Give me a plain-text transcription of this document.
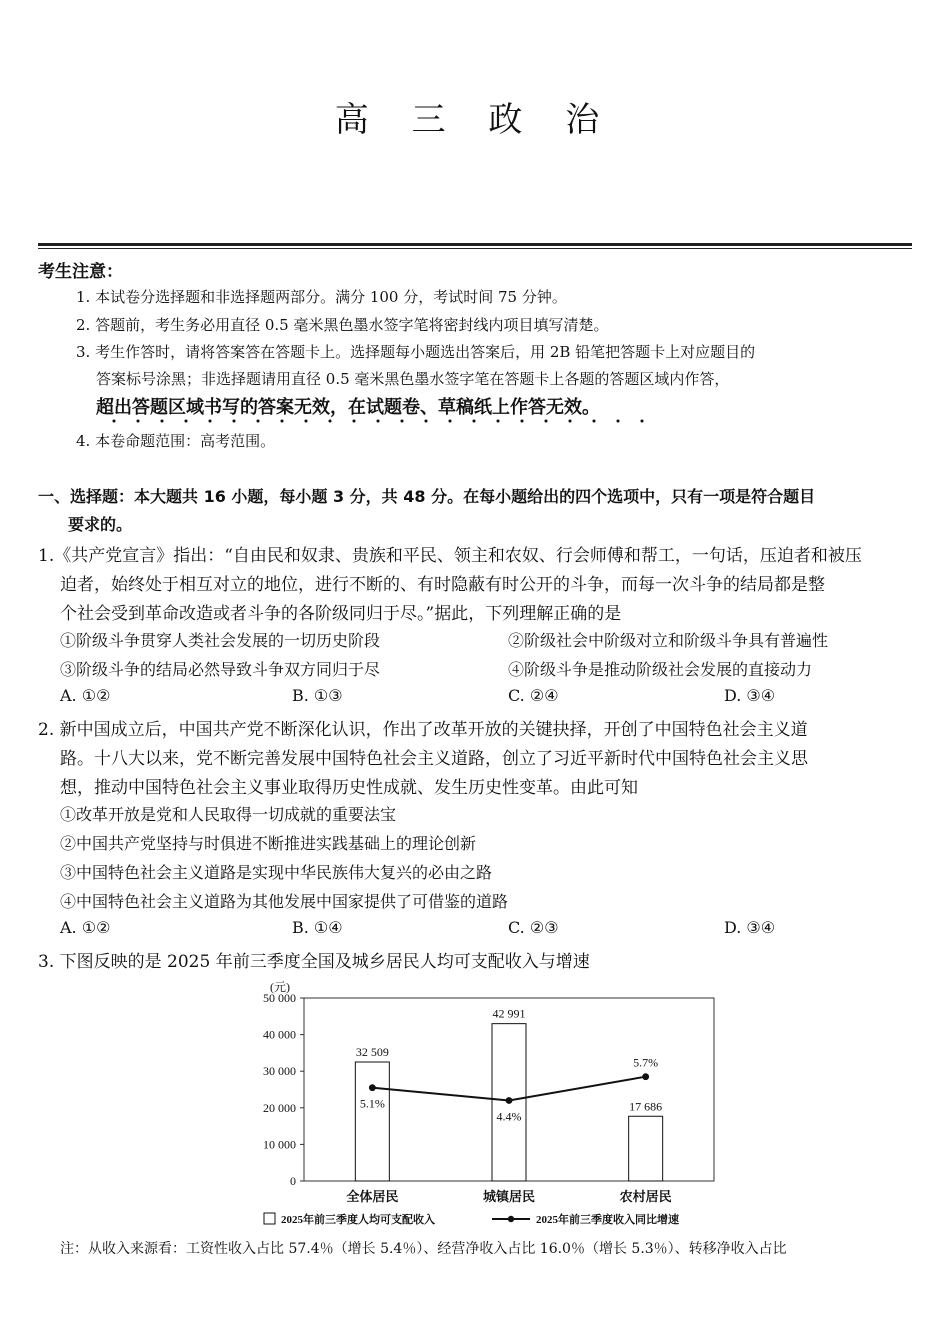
高 三 政 治
考生注意：
1. 本试卷分选择题和非选择题两部分。满分 100 分，考试时间 75 分钟。
2. 答题前，考生务必用直径 0.5 毫米黑色墨水签字笔将密封线内项目填写清楚。
3. 考生作答时，请将答案答在答题卡上。选择题每小题选出答案后，用 2B 铅笔把答题卡上对应题目的
答案标号涂黑；非选择题请用直径 0.5 毫米黑色墨水签字笔在答题卡上各题的答题区域内作答，
超出答题区域书写的答案无效，在试题卷、草稿纸上作答无效。
4. 本卷命题范围：高考范围。
一、选择题：本大题共 16 小题，每小题 3 分，共 48 分。在每小题给出的四个选项中，只有一项是符合题目
要求的。
1.《共产党宣言》指出：“自由民和奴隶、贵族和平民、领主和农奴、行会师傅和帮工，一句话，压迫者和被压
迫者，始终处于相互对立的地位，进行不断的、有时隐蔽有时公开的斗争，而每一次斗争的结局都是整
个社会受到革命改造或者斗争的各阶级同归于尽。”据此，下列理解正确的是
①阶级斗争贯穿人类社会发展的一切历史阶段	②阶级社会中阶级对立和阶级斗争具有普遍性
③阶级斗争的结局必然导致斗争双方同归于尽	④阶级斗争是推动阶级社会发展的直接动力
A. ①②	B. ①③	C. ②④	D. ③④
2. 新中国成立后，中国共产党不断深化认识，作出了改革开放的关键抉择，开创了中国特色社会主义道
路。十八大以来，党不断完善发展中国特色社会主义道路，创立了习近平新时代中国特色社会主义思
想，推动中国特色社会主义事业取得历史性成就、发生历史性变革。由此可知
①改革开放是党和人民取得一切成就的重要法宝
②中国共产党坚持与时俱进不断推进实践基础上的理论创新
③中国特色社会主义道路是实现中华民族伟大复兴的必由之路
④中国特色社会主义道路为其他发展中国家提供了可借鉴的道路
A. ①②	B. ①④	C. ②③	D. ③④
3. 下图反映的是 2025 年前三季度全国及城乡居民人均可支配收入与增速
(元)
0
10 000
20 000
30 000
40 000
50 000
32 509
42 991
17 686
5.1%
4.4%
5.7%
全体居民	城镇居民	农村居民
2025年前三季度人均可支配收入	2025年前三季度收入同比增速
注：从收入来源看：工资性收入占比 57.4％（增长 5.4％）、经营净收入占比 16.0％（增长 5.3％）、转移净收入占比
